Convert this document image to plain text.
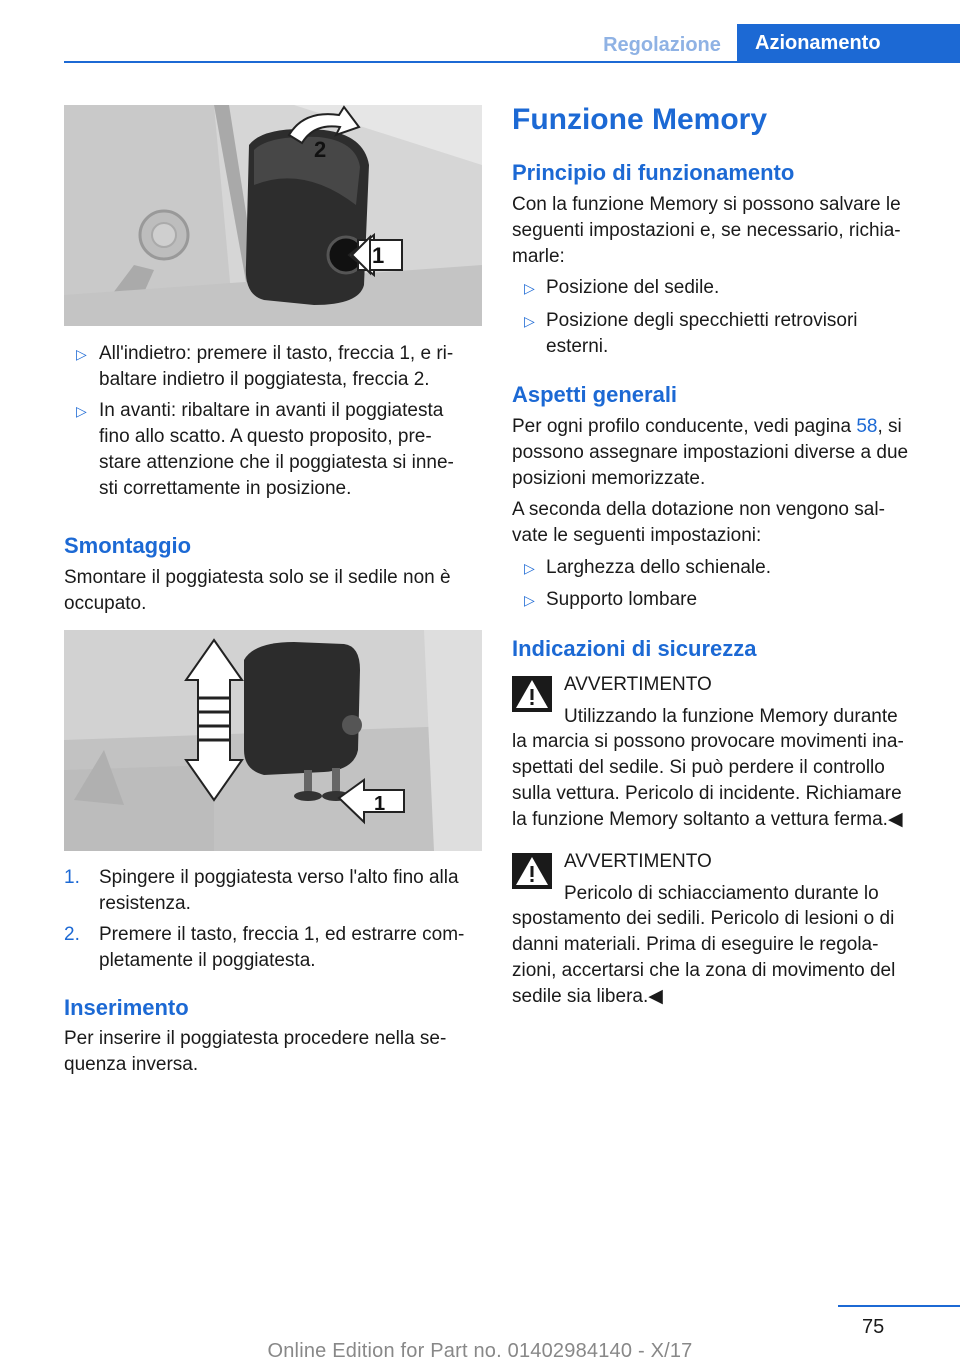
Regolazione	Azionamento
2
1
▷ All'indietro: premere il tasto, freccia 1, e ri‐
baltare indietro il poggiatesta, freccia 2.
▷ In avanti: ribaltare in avanti il poggiatesta
fino allo scatto. A questo proposito, pre‐
stare attenzione che il poggiatesta si inne‐
sti correttamente in posizione.
Smontaggio
Smontare il poggiatesta solo se il sedile non è
occupato.
1
1. Spingere il poggiatesta verso l'alto fino alla
resistenza.
2. Premere il tasto, freccia 1, ed estrarre com‐
pletamente il poggiatesta.
Inserimento
Per inserire il poggiatesta procedere nella se‐
quenza inversa.
Funzione Memory
Principio di funzionamento
Con la funzione Memory si possono salvare le
seguenti impostazioni e, se necessario, richia‐
marle:
▷ Posizione del sedile.
▷ Posizione degli specchietti retrovisori
esterni.
Aspetti generali
Per ogni profilo conducente, vedi pagina 58, si
possono assegnare impostazioni diverse a due
posizioni memorizzate.
A seconda della dotazione non vengono sal‐
vate le seguenti impostazioni:
▷ Larghezza dello schienale.
▷ Supporto lombare
Indicazioni di sicurezza
AVVERTIMENTO
Utilizzando la funzione Memory durante
la marcia si possono provocare movimenti ina‐
spettati del sedile. Si può perdere il controllo
sulla vettura. Pericolo di incidente. Richiamare
la funzione Memory soltanto a vettura ferma.◀
AVVERTIMENTO
Pericolo di schiacciamento durante lo
spostamento dei sedili. Pericolo di lesioni o di
danni materiali. Prima di eseguire le regola‐
zioni, accertarsi che la zona di movimento del
sedile sia libera.◀
75
Online Edition for Part no. 01402984140 - X/17
